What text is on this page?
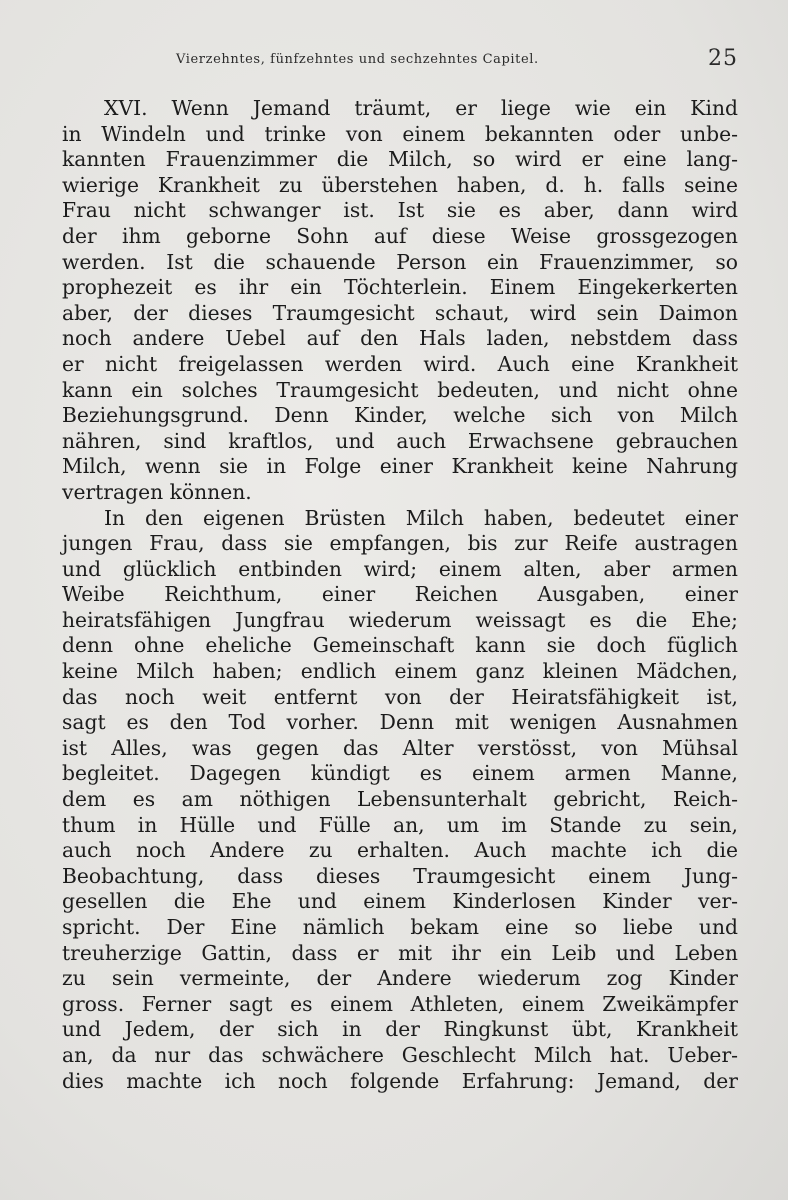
Vierzehntes, fünfzehntes und sechzehntes Capitel.	25
XVI. Wenn Jemand träumt, er liege wie ein Kind
in Windeln und trinke von einem bekannten oder unbe-
kannten Frauenzimmer die Milch, so wird er eine lang-
wierige Krankheit zu überstehen haben, d. h. falls seine
Frau nicht schwanger ist. Ist sie es aber, dann wird
der ihm geborne Sohn auf diese Weise grossgezogen
werden. Ist die schauende Person ein Frauenzimmer, so
prophezeit es ihr ein Töchterlein. Einem Eingekerkerten
aber, der dieses Traumgesicht schaut, wird sein Daimon
noch andere Uebel auf den Hals laden, nebstdem dass
er nicht freigelassen werden wird. Auch eine Krankheit
kann ein solches Traumgesicht bedeuten, und nicht ohne
Beziehungsgrund. Denn Kinder, welche sich von Milch
nähren, sind kraftlos, und auch Erwachsene gebrauchen
Milch, wenn sie in Folge einer Krankheit keine Nahrung
vertragen können.
In den eigenen Brüsten Milch haben, bedeutet einer
jungen Frau, dass sie empfangen, bis zur Reife austragen
und glücklich entbinden wird; einem alten, aber armen
Weibe Reichthum, einer Reichen Ausgaben, einer
heiratsfähigen Jungfrau wiederum weissagt es die Ehe;
denn ohne eheliche Gemeinschaft kann sie doch füglich
keine Milch haben; endlich einem ganz kleinen Mädchen,
das noch weit entfernt von der Heiratsfähigkeit ist,
sagt es den Tod vorher. Denn mit wenigen Ausnahmen
ist Alles, was gegen das Alter verstösst, von Mühsal
begleitet. Dagegen kündigt es einem armen Manne,
dem es am nöthigen Lebensunterhalt gebricht, Reich-
thum in Hülle und Fülle an, um im Stande zu sein,
auch noch Andere zu erhalten. Auch machte ich die
Beobachtung, dass dieses Traumgesicht einem Jung-
gesellen die Ehe und einem Kinderlosen Kinder ver-
spricht. Der Eine nämlich bekam eine so liebe und
treuherzige Gattin, dass er mit ihr ein Leib und Leben
zu sein vermeinte, der Andere wiederum zog Kinder
gross. Ferner sagt es einem Athleten, einem Zweikämpfer
und Jedem, der sich in der Ringkunst übt, Krankheit
an, da nur das schwächere Geschlecht Milch hat. Ueber-
dies machte ich noch folgende Erfahrung: Jemand, der
